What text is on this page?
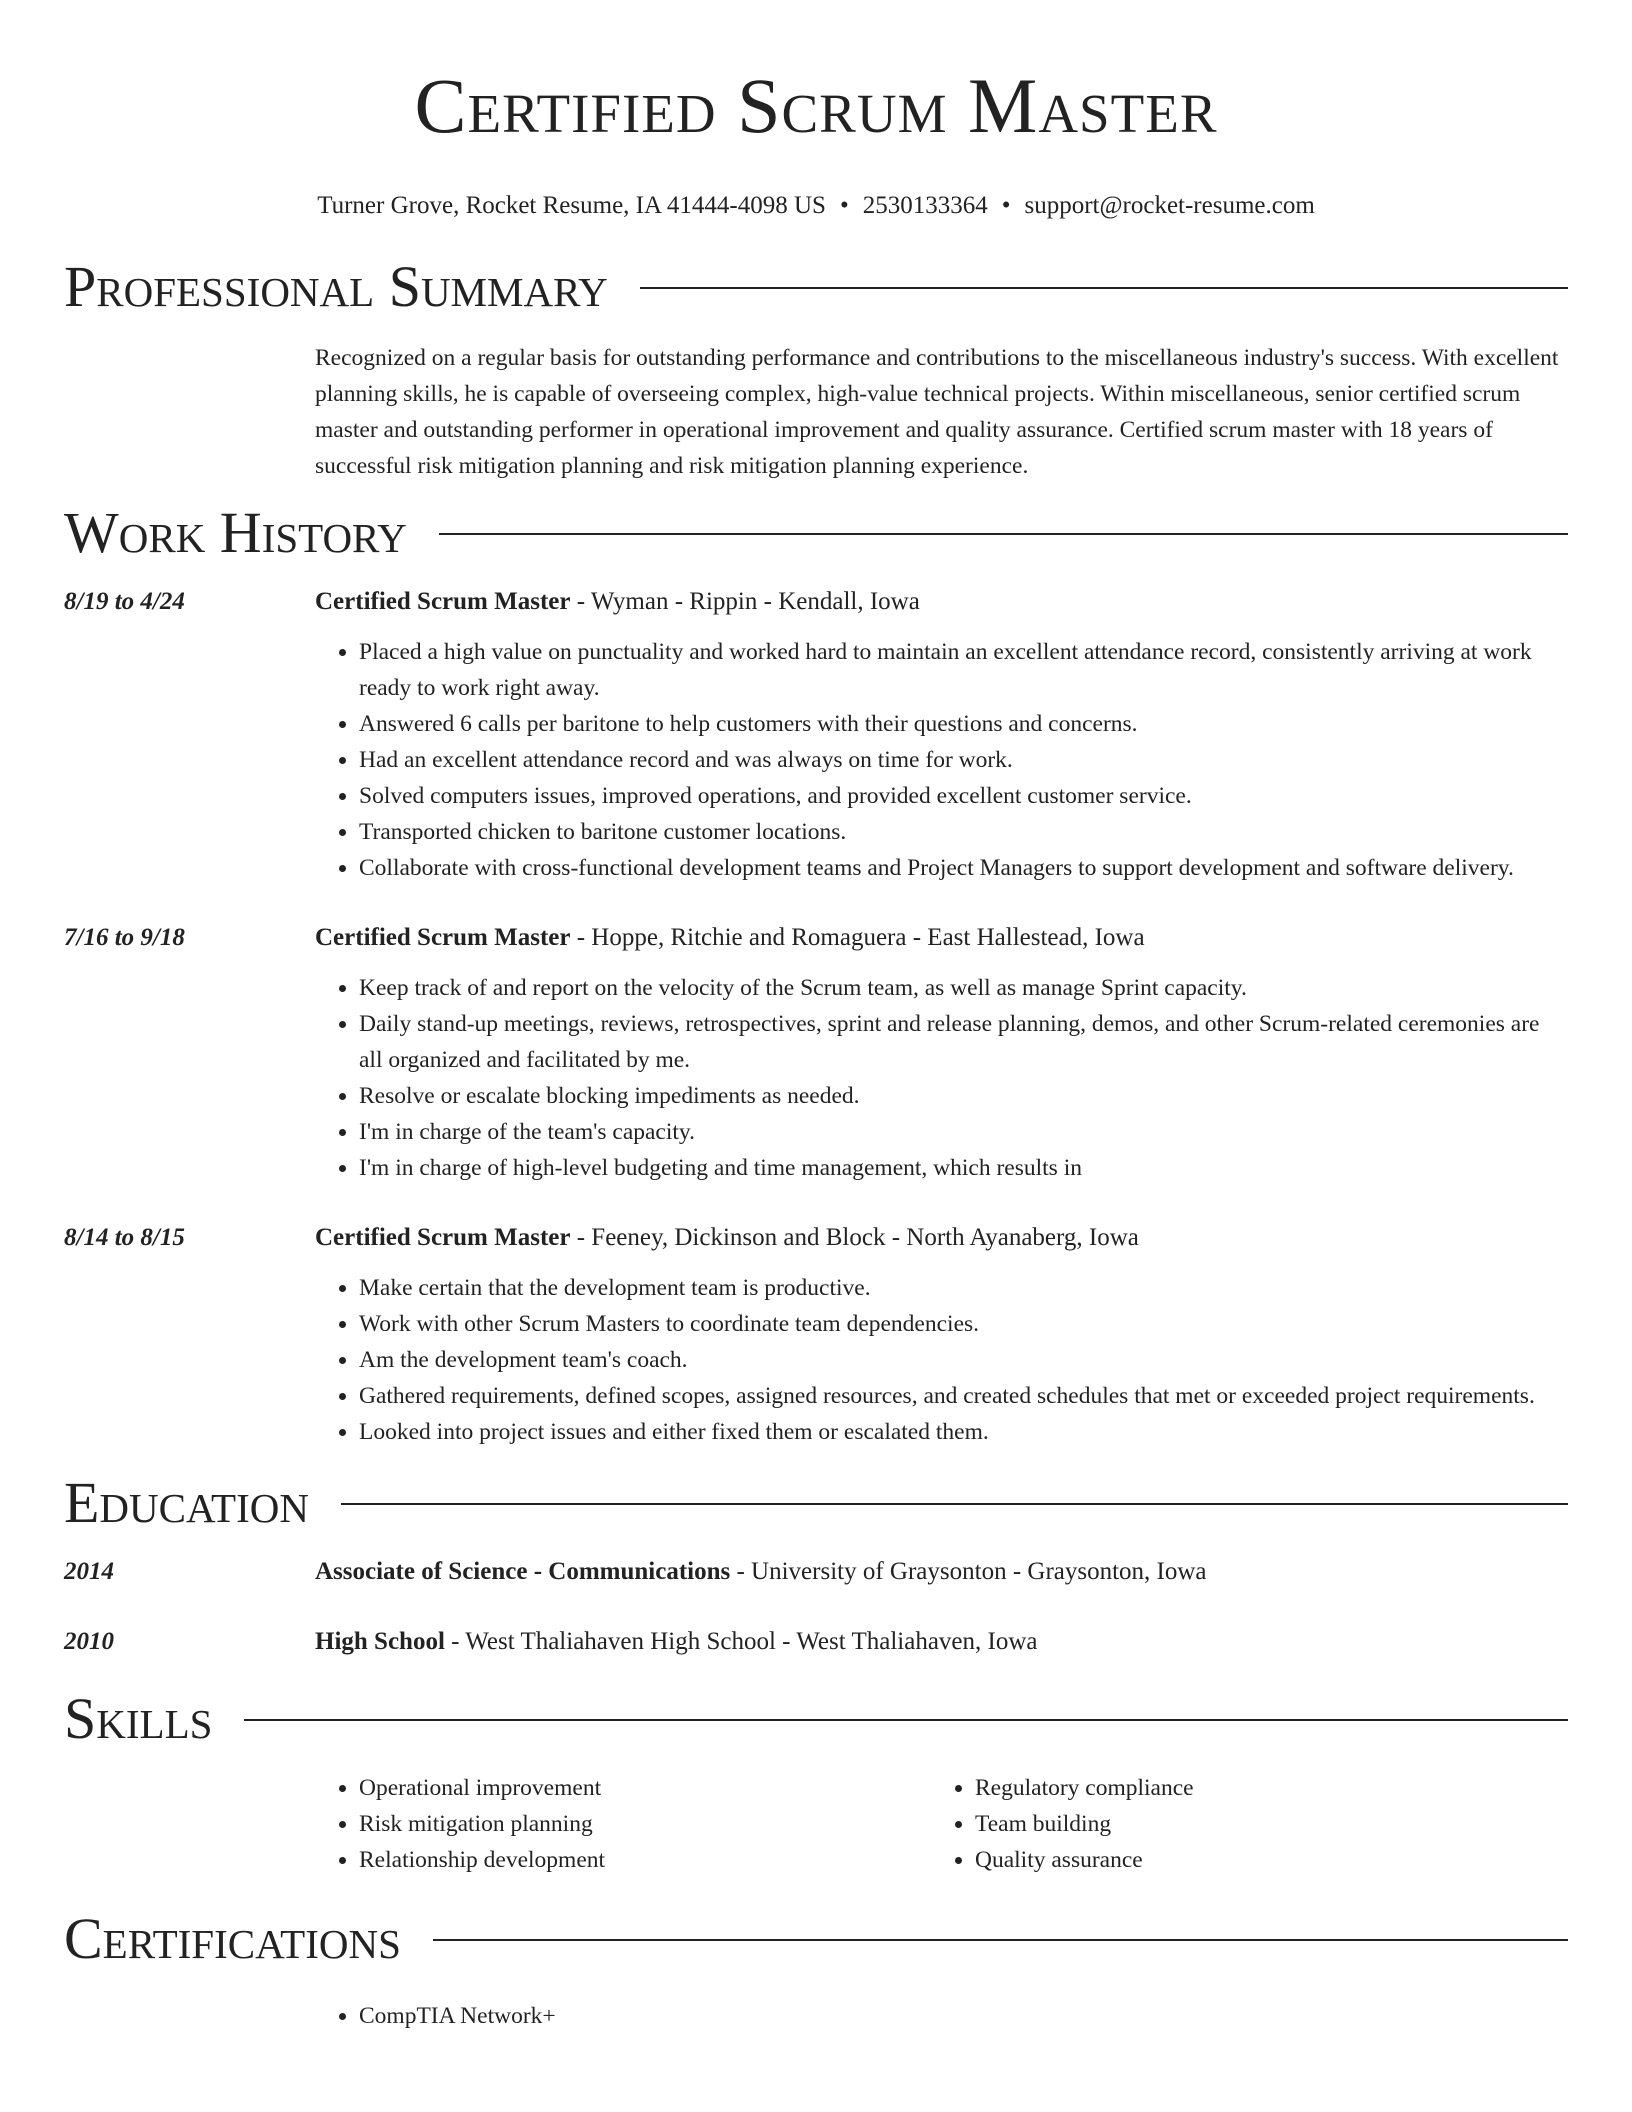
Certified Scrum Master
Turner Grove, Rocket Resume, IA 41444-4098 US • 2530133364 • support@rocket-resume.com
Professional Summary
Recognized on a regular basis for outstanding performance and contributions to the miscellaneous industry's success. With excellent planning skills, he is capable of overseeing complex, high-value technical projects. Within miscellaneous, senior certified scrum master and outstanding performer in operational improvement and quality assurance. Certified scrum master with 18 years of successful risk mitigation planning and risk mitigation planning experience.
Work History
8/19 to 4/24	Certified Scrum Master - Wyman - Rippin - Kendall, Iowa
• Placed a high value on punctuality and worked hard to maintain an excellent attendance record, consistently arriving at work ready to work right away.
• Answered 6 calls per baritone to help customers with their questions and concerns.
• Had an excellent attendance record and was always on time for work.
• Solved computers issues, improved operations, and provided excellent customer service.
• Transported chicken to baritone customer locations.
• Collaborate with cross-functional development teams and Project Managers to support development and software delivery.
7/16 to 9/18	Certified Scrum Master - Hoppe, Ritchie and Romaguera - East Hallestead, Iowa
• Keep track of and report on the velocity of the Scrum team, as well as manage Sprint capacity.
• Daily stand-up meetings, reviews, retrospectives, sprint and release planning, demos, and other Scrum-related ceremonies are all organized and facilitated by me.
• Resolve or escalate blocking impediments as needed.
• I'm in charge of the team's capacity.
• I'm in charge of high-level budgeting and time management, which results in
8/14 to 8/15	Certified Scrum Master - Feeney, Dickinson and Block - North Ayanaberg, Iowa
• Make certain that the development team is productive.
• Work with other Scrum Masters to coordinate team dependencies.
• Am the development team's coach.
• Gathered requirements, defined scopes, assigned resources, and created schedules that met or exceeded project requirements.
• Looked into project issues and either fixed them or escalated them.
Education
2014	Associate of Science - Communications - University of Graysonton - Graysonton, Iowa
2010	High School - West Thaliahaven High School - West Thaliahaven, Iowa
Skills
• Operational improvement
• Risk mitigation planning
• Relationship development
• Regulatory compliance
• Team building
• Quality assurance
Certifications
• CompTIA Network+
